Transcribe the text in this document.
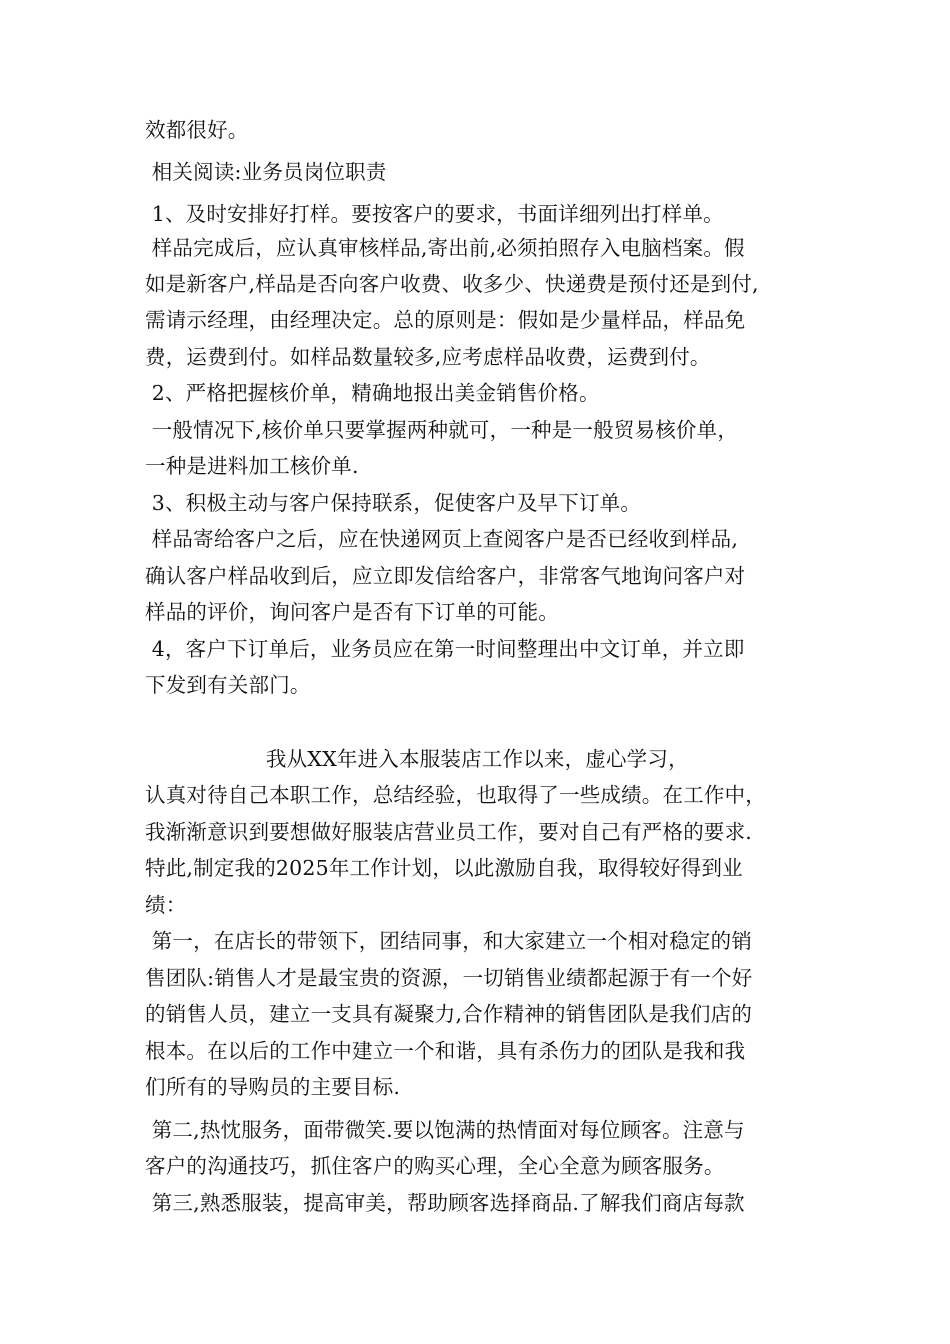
效都很好。
相关阅读:业务员岗位职责
1、及时安排好打样。要按客户的要求，书面详细列出打样单。
样品完成后，应认真审核样品,寄出前,必须拍照存入电脑档案。假
如是新客户,样品是否向客户收费、收多少、快递费是预付还是到付,
需请示经理，由经理决定。总的原则是：假如是少量样品，样品免
费，运费到付。如样品数量较多,应考虑样品收费，运费到付。
2、严格把握核价单，精确地报出美金销售价格。
一般情况下,核价单只要掌握两种就可，一种是一般贸易核价单，
一种是进料加工核价单.
3、积极主动与客户保持联系，促使客户及早下订单。
样品寄给客户之后，应在快递网页上查阅客户是否已经收到样品,
确认客户样品收到后，应立即发信给客户，非常客气地询问客户对
样品的评价，询问客户是否有下订单的可能。
4，客户下订单后，业务员应在第一时间整理出中文订单，并立即
下发到有关部门。
我从XX年进入本服装店工作以来，虚心学习，
认真对待自己本职工作，总结经验，也取得了一些成绩。在工作中，
我渐渐意识到要想做好服装店营业员工作，要对自己有严格的要求.
特此,制定我的2025年工作计划，以此激励自我，取得较好得到业
绩：
第一，在店长的带领下，团结同事，和大家建立一个相对稳定的销
售团队:销售人才是最宝贵的资源，一切销售业绩都起源于有一个好
的销售人员，建立一支具有凝聚力,合作精神的销售团队是我们店的
根本。在以后的工作中建立一个和谐，具有杀伤力的团队是我和我
们所有的导购员的主要目标.
第二,热忱服务，面带微笑.要以饱满的热情面对每位顾客。注意与
客户的沟通技巧，抓住客户的购买心理，全心全意为顾客服务。
第三,熟悉服装，提高审美，帮助顾客选择商品.了解我们商店每款
